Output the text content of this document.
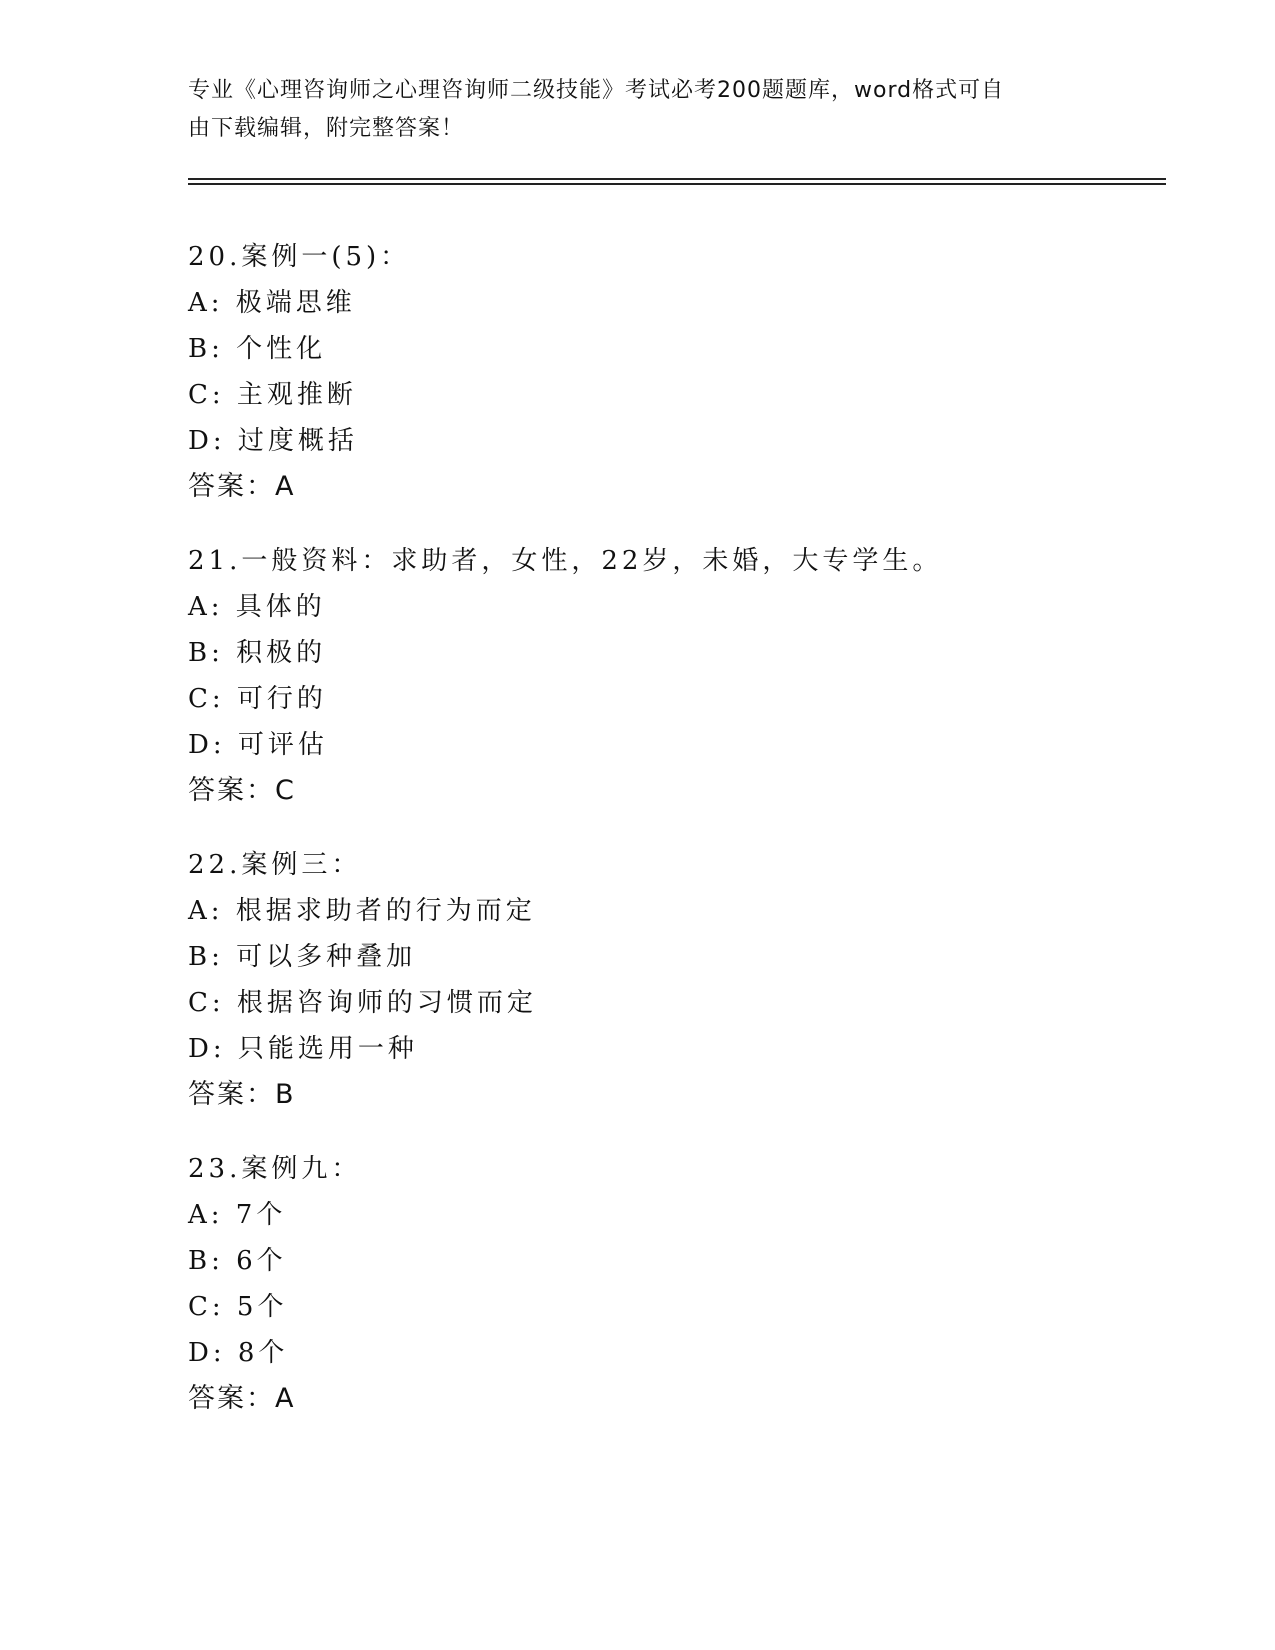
专业《心理咨询师之心理咨询师二级技能》考试必考200题题库，word格式可自
由下载编辑，附完整答案！
20.案例一(5)：
A: 极端思维
B: 个性化
C: 主观推断
D: 过度概括
答案：A
21.一般资料：求助者，女性，22岁，未婚，大专学生。
A: 具体的
B: 积极的
C: 可行的
D: 可评估
答案：C
22.案例三：
A: 根据求助者的行为而定
B: 可以多种叠加
C: 根据咨询师的习惯而定
D: 只能选用一种
答案：B
23.案例九：
A: 7个
B: 6个
C: 5个
D: 8个
答案：A
